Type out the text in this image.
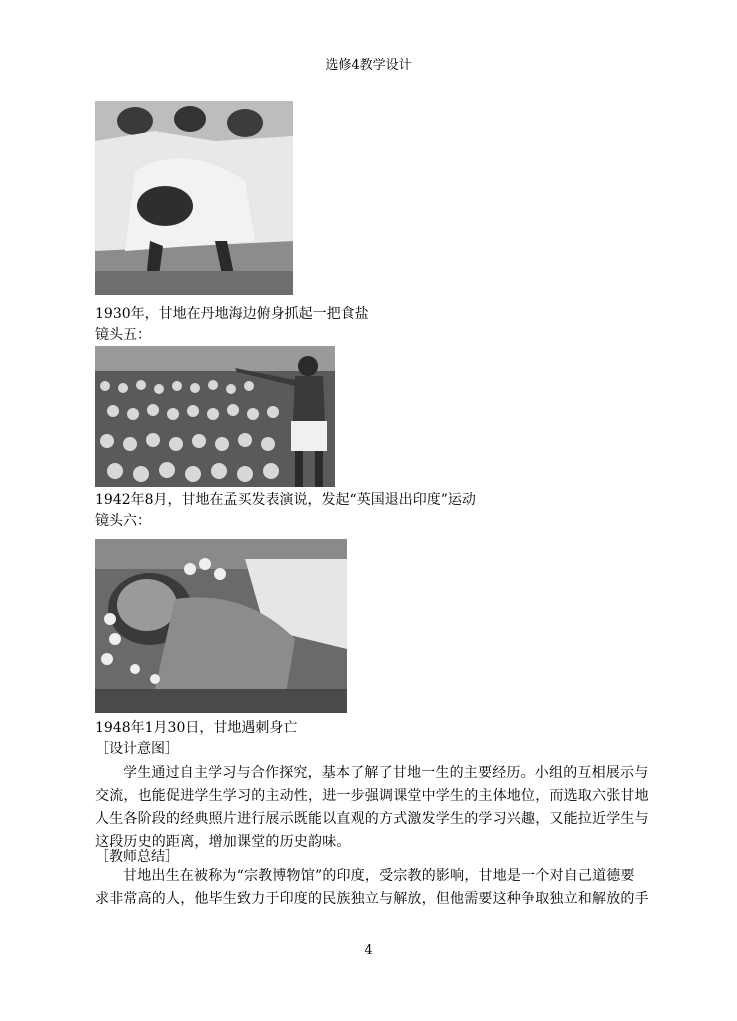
选修4教学设计
1930年，甘地在丹地海边俯身抓起一把食盐
镜头五：
1942年8月，甘地在孟买发表演说，发起“英国退出印度”运动
镜头六：
1948年1月30日，甘地遇刺身亡
［设计意图］
学生通过自主学习与合作探究，基本了解了甘地一生的主要经历。小组的互相展示与
交流，也能促进学生学习的主动性，进一步强调课堂中学生的主体地位，而选取六张甘地
人生各阶段的经典照片进行展示既能以直观的方式激发学生的学习兴趣，又能拉近学生与
这段历史的距离，增加课堂的历史韵味。
［教师总结］
甘地出生在被称为“宗教博物馆”的印度，受宗教的影响，甘地是一个对自己道德要
求非常高的人，他毕生致力于印度的民族独立与解放，但他需要这种争取独立和解放的手
4
